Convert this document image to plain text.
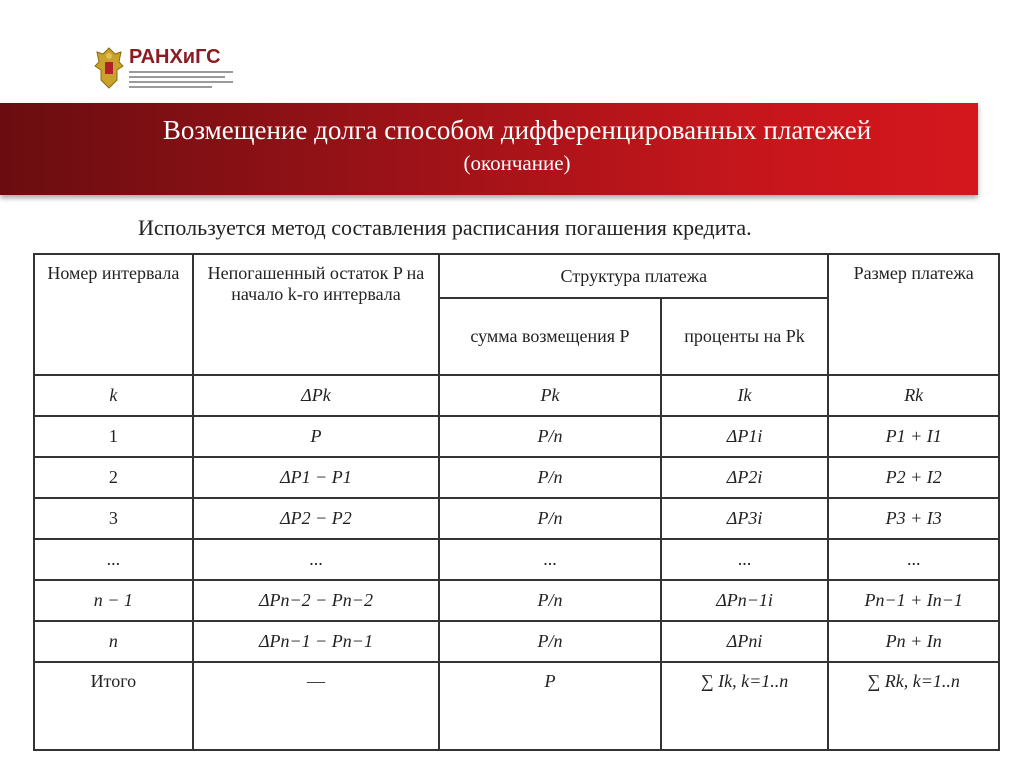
РАНХиГС
Возмещение долга способом дифференцированных платежей
(окончание)
Используется метод составления расписания погашения кредита.
Номер интервала	Непогашенный остаток P на начало k-го интервала	Структура платежа		Размер платежа
		сумма возмещения P	проценты на Pk	
k	ΔPk	Pk	Ik	Rk
1	P	P/n	ΔP1i	P1 + I1
2	ΔP1 − P1	P/n	ΔP2i	P2 + I2
3	ΔP2 − P2	P/n	ΔP3i	P3 + I3
...	...	...	...	...
n − 1	ΔPn−2 − Pn−2	P/n	ΔPn−1i	Pn−1 + In−1
n	ΔPn−1 − Pn−1	P/n	ΔPni	Pn + In
Итого	—	P	∑ Ik, k=1..n	∑ Rk, k=1..n
